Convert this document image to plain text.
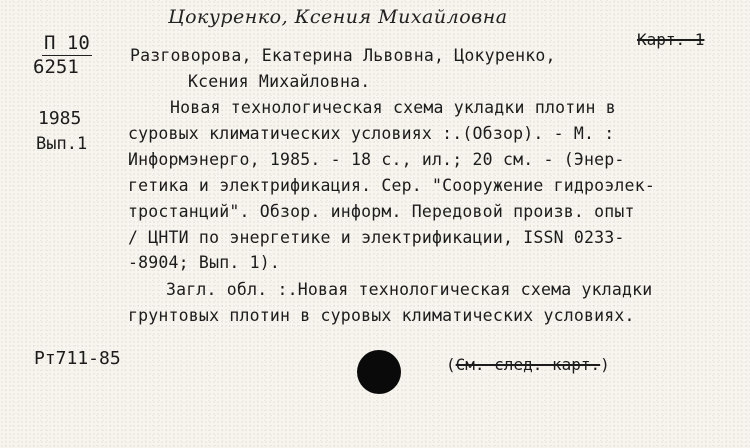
Цокуренко, Ксения Михайловна
П 10
6251
Карт. 1
1985
Вып.1
Разговорова, Екатерина Львовна, Цокуренко,
Ксения Михайловна.
Новая технологическая схема укладки плотин в
суровых климатических условиях :.(Обзор). - М. :
Информэнерго, 1985. - 18 с., ил.; 20 см. - (Энер-
гетика и электрификация. Сер. "Сооружение гидроэлек-
тростанций". Обзор. информ. Передовой произв. опыт
/ ЦНТИ по энергетике и электрификации, ISSN 0233-
-8904; Вып. 1).
Загл. обл. :.Новая технологическая схема укладки
грунтовых плотин в суровых климатических условиях.
Рт711-85	(См. след. карт.)
